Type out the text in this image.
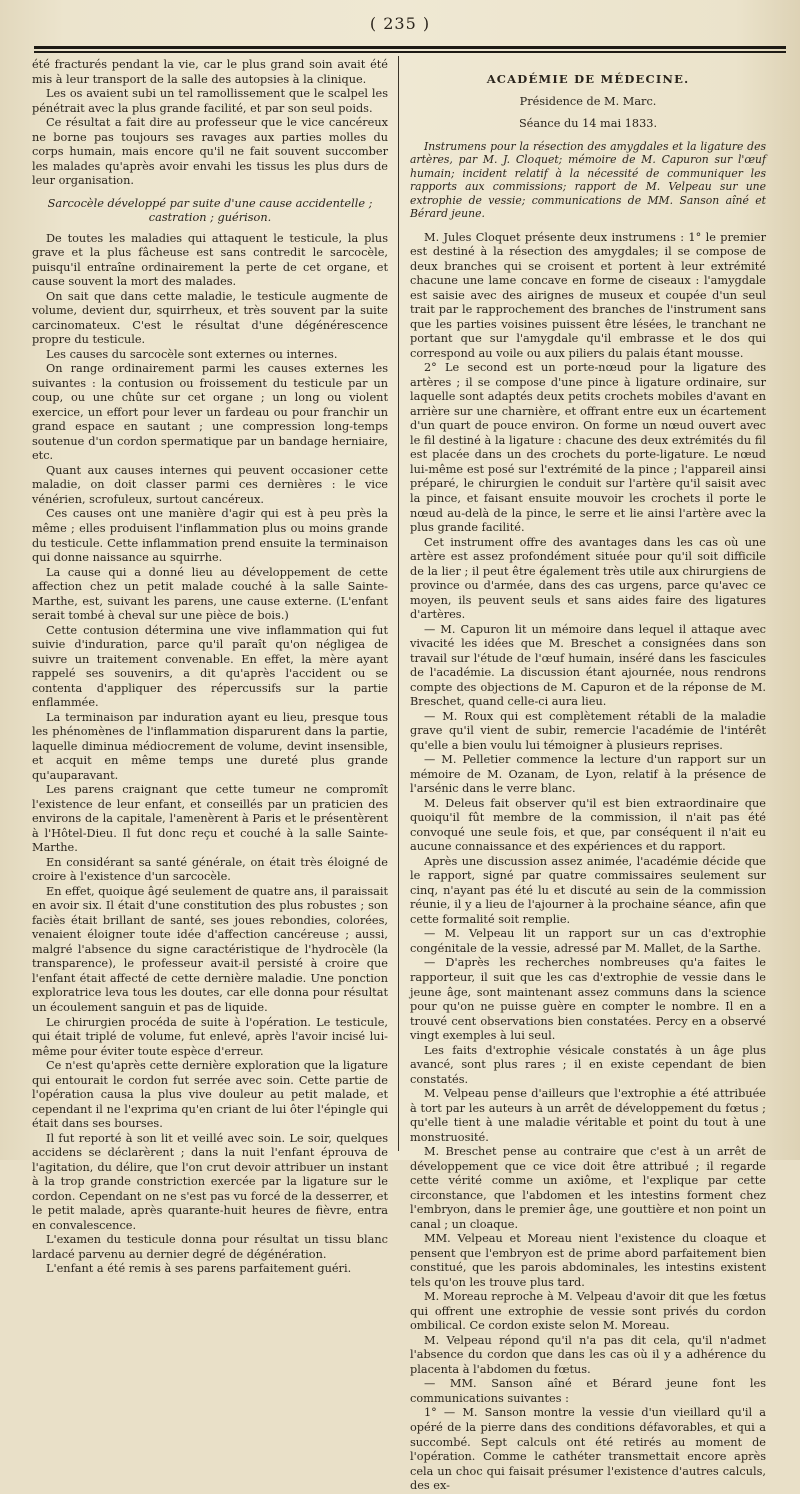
( 235 )

été fracturés pendant la vie, car le plus grand soin avait été mis à leur transport de la salle des autopsies à la clinique.

Les os avaient subi un tel ramollissement que le scalpel les pénétrait avec la plus grande facilité, et par son seul poids.

Ce résultat a fait dire au professeur que le vice cancéreux ne borne pas toujours ses ravages aux parties molles du corps humain, mais encore qu'il ne fait souvent succomber les malades qu'après avoir envahi les tissus les plus durs de leur organisation.

Sarcocèle développé par suite d'une cause accidentelle ; castration ; guérison.

De toutes les maladies qui attaquent le testicule, la plus grave et la plus fâcheuse est sans contredit le sarcocèle, puisqu'il entraîne ordinairement la perte de cet organe, et cause souvent la mort des malades.

On sait que dans cette maladie, le testicule augmente de volume, devient dur, squirrheux, et très souvent par la suite carcinomateux. C'est le résultat d'une dégénérescence propre du testicule.

Les causes du sarcocèle sont externes ou internes.

On range ordinairement parmi les causes externes les suivantes : la contusion ou froissement du testicule par un coup, ou une chûte sur cet organe ; un long ou violent exercice, un effort pour lever un fardeau ou pour franchir un grand espace en sautant ; une compression long-temps soutenue d'un cordon spermatique par un bandage herniaire, etc.

Quant aux causes internes qui peuvent occasioner cette maladie, on doit classer parmi ces dernières : le vice vénérien, scrofuleux, surtout cancéreux.

Ces causes ont une manière d'agir qui est à peu près la même ; elles produisent l'inflammation plus ou moins grande du testicule. Cette inflammation prend ensuite la terminaison qui donne naissance au squirrhe.

La cause qui a donné lieu au développement de cette affection chez un petit malade couché à la salle Sainte-Marthe, est, suivant les parens, une cause externe. (L'enfant serait tombé à cheval sur une pièce de bois.)

Cette contusion détermina une vive inflammation qui fut suivie d'induration, parce qu'il paraît qu'on négligea de suivre un traitement convenable. En effet, la mère ayant rappelé ses souvenirs, a dit qu'après l'accident ou se contenta d'appliquer des répercussifs sur la partie enflammée.

La terminaison par induration ayant eu lieu, presque tous les phénomènes de l'inflammation disparurent dans la partie, laquelle diminua médiocrement de volume, devint insensible, et acquit en même temps une dureté plus grande qu'auparavant.

Les parens craignant que cette tumeur ne compromît l'existence de leur enfant, et conseillés par un praticien des environs de la capitale, l'amenèrent à Paris et le présentèrent à l'Hôtel-Dieu. Il fut donc reçu et couché à la salle Sainte-Marthe.

En considérant sa santé générale, on était très éloigné de croire à l'existence d'un sarcocèle.

En effet, quoique âgé seulement de quatre ans, il paraissait en avoir six. Il était d'une constitution des plus robustes ; son faciès était brillant de santé, ses joues rebondies, colorées, venaient éloigner toute idée d'affection cancéreuse ; aussi, malgré l'absence du signe caractéristique de l'hydrocèle (la transparence), le professeur avait-il persisté à croire que l'enfant était affecté de cette dernière maladie. Une ponction exploratrice leva tous les doutes, car elle donna pour résultat un écoulement sanguin et pas de liquide.

Le chirurgien procéda de suite à l'opération. Le testicule, qui était triplé de volume, fut enlevé, après l'avoir incisé lui-même pour éviter toute espèce d'erreur.

Ce n'est qu'après cette dernière exploration que la ligature qui entourait le cordon fut serrée avec soin. Cette partie de l'opération causa la plus vive douleur au petit malade, et cependant il ne l'exprima qu'en criant de lui ôter l'épingle qui était dans ses bourses.

Il fut reporté à son lit et veillé avec soin. Le soir, quelques accidens se déclarèrent ; dans la nuit l'enfant éprouva de l'agitation, du délire, que l'on crut devoir attribuer un instant à la trop grande constriction exercée par la ligature sur le cordon. Cependant on ne s'est pas vu forcé de la desserrer, et le petit malade, après quarante-huit heures de fièvre, entra en convalescence.

L'examen du testicule donna pour résultat un tissu blanc lardacé parvenu au dernier degré de dégénération.

L'enfant a été remis à ses parens parfaitement guéri.

ACADÉMIE DE MÉDECINE.

Présidence de M. Marc.

Séance du 14 mai 1833.

Instrumens pour la résection des amygdales et la ligature des artères, par M. J. Cloquet; mémoire de M. Capuron sur l'œuf humain; incident relatif à la nécessité de communiquer les rapports aux commissions; rapport de M. Velpeau sur une extrophie de vessie; communications de MM. Sanson aîné et Bérard jeune.

M. Jules Cloquet présente deux instrumens : 1° le premier est destiné à la résection des amygdales; il se compose de deux branches qui se croisent et portent à leur extrémité chacune une lame concave en forme de ciseaux : l'amygdale est saisie avec des airignes de museux et coupée d'un seul trait par le rapprochement des branches de l'instrument sans que les parties voisines puissent être lésées, le tranchant ne portant que sur l'amygdale qu'il embrasse et le dos qui correspond au voile ou aux piliers du palais étant mousse.

2° Le second est un porte-nœud pour la ligature des artères ; il se compose d'une pince à ligature ordinaire, sur laquelle sont adaptés deux petits crochets mobiles d'avant en arrière sur une charnière, et offrant entre eux un écartement d'un quart de pouce environ. On forme un nœud ouvert avec le fil destiné à la ligature : chacune des deux extrémités du fil est placée dans un des crochets du porte-ligature. Le nœud lui-même est posé sur l'extrémité de la pince ; l'appareil ainsi préparé, le chirurgien le conduit sur l'artère qu'il saisit avec la pince, et faisant ensuite mouvoir les crochets il porte le nœud au-delà de la pince, le serre et lie ainsi l'artère avec la plus grande facilité.

Cet instrument offre des avantages dans les cas où une artère est assez profondément située pour qu'il soit difficile de la lier ; il peut être également très utile aux chirurgiens de province ou d'armée, dans des cas urgens, parce qu'avec ce moyen, ils peuvent seuls et sans aides faire des ligatures d'artères.

— M. Capuron lit un mémoire dans lequel il attaque avec vivacité les idées que M. Breschet a consignées dans son travail sur l'étude de l'œuf humain, inséré dans les fascicules de l'académie. La discussion étant ajournée, nous rendrons compte des objections de M. Capuron et de la réponse de M. Breschet, quand celle-ci aura lieu.

— M. Roux qui est complètement rétabli de la maladie grave qu'il vient de subir, remercie l'académie de l'intérêt qu'elle a bien voulu lui témoigner à plusieurs reprises.

— M. Pelletier commence la lecture d'un rapport sur un mémoire de M. Ozanam, de Lyon, relatif à la présence de l'arsénic dans le verre blanc.

M. Deleus fait observer qu'il est bien extraordinaire que quoiqu'il fût membre de la commission, il n'ait pas été convoqué une seule fois, et que, par conséquent il n'ait eu aucune connaissance et des expériences et du rapport.

Après une discussion assez animée, l'académie décide que le rapport, signé par quatre commissaires seulement sur cinq, n'ayant pas été lu et discuté au sein de la commission réunie, il y a lieu de l'ajourner à la prochaine séance, afin que cette formalité soit remplie.

— M. Velpeau lit un rapport sur un cas d'extrophie congénitale de la vessie, adressé par M. Mallet, de la Sarthe.

— D'après les recherches nombreuses qu'a faites le rapporteur, il suit que les cas d'extrophie de vessie dans le jeune âge, sont maintenant assez communs dans la science pour qu'on ne puisse guère en compter le nombre. Il en a trouvé cent observations bien constatées. Percy en a observé vingt exemples à lui seul.

Les faits d'extrophie vésicale constatés à un âge plus avancé, sont plus rares ; il en existe cependant de bien constatés.

M. Velpeau pense d'ailleurs que l'extrophie a été attribuée à tort par les auteurs à un arrêt de développement du fœtus ; qu'elle tient à une maladie véritable et point du tout à une monstruosité.

M. Breschet pense au contraire que c'est à un arrêt de développement que ce vice doit être attribué ; il regarde cette vérité comme un axiôme, et l'explique par cette circonstance, que l'abdomen et les intestins forment chez l'embryon, dans le premier âge, une gouttière et non point un canal ; un cloaque.

MM. Velpeau et Moreau nient l'existence du cloaque et pensent que l'embryon est de prime abord parfaitement bien constitué, que les parois abdominales, les intestins existent tels qu'on les trouve plus tard.

M. Moreau reproche à M. Velpeau d'avoir dit que les fœtus qui offrent une extrophie de vessie sont privés du cordon ombilical. Ce cordon existe selon M. Moreau.

M. Velpeau répond qu'il n'a pas dit cela, qu'il n'admet l'absence du cordon que dans les cas où il y a adhérence du placenta à l'abdomen du fœtus.

— MM. Sanson aîné et Bérard jeune font les communications suivantes :

1° — M. Sanson montre la vessie d'un vieillard qu'il a opéré de la pierre dans des conditions défavorables, et qui a succombé. Sept calculs ont été retirés au moment de l'opération. Comme le cathéter transmettait encore après cela un choc qui faisait présumer l'existence d'autres calculs, des ex-
